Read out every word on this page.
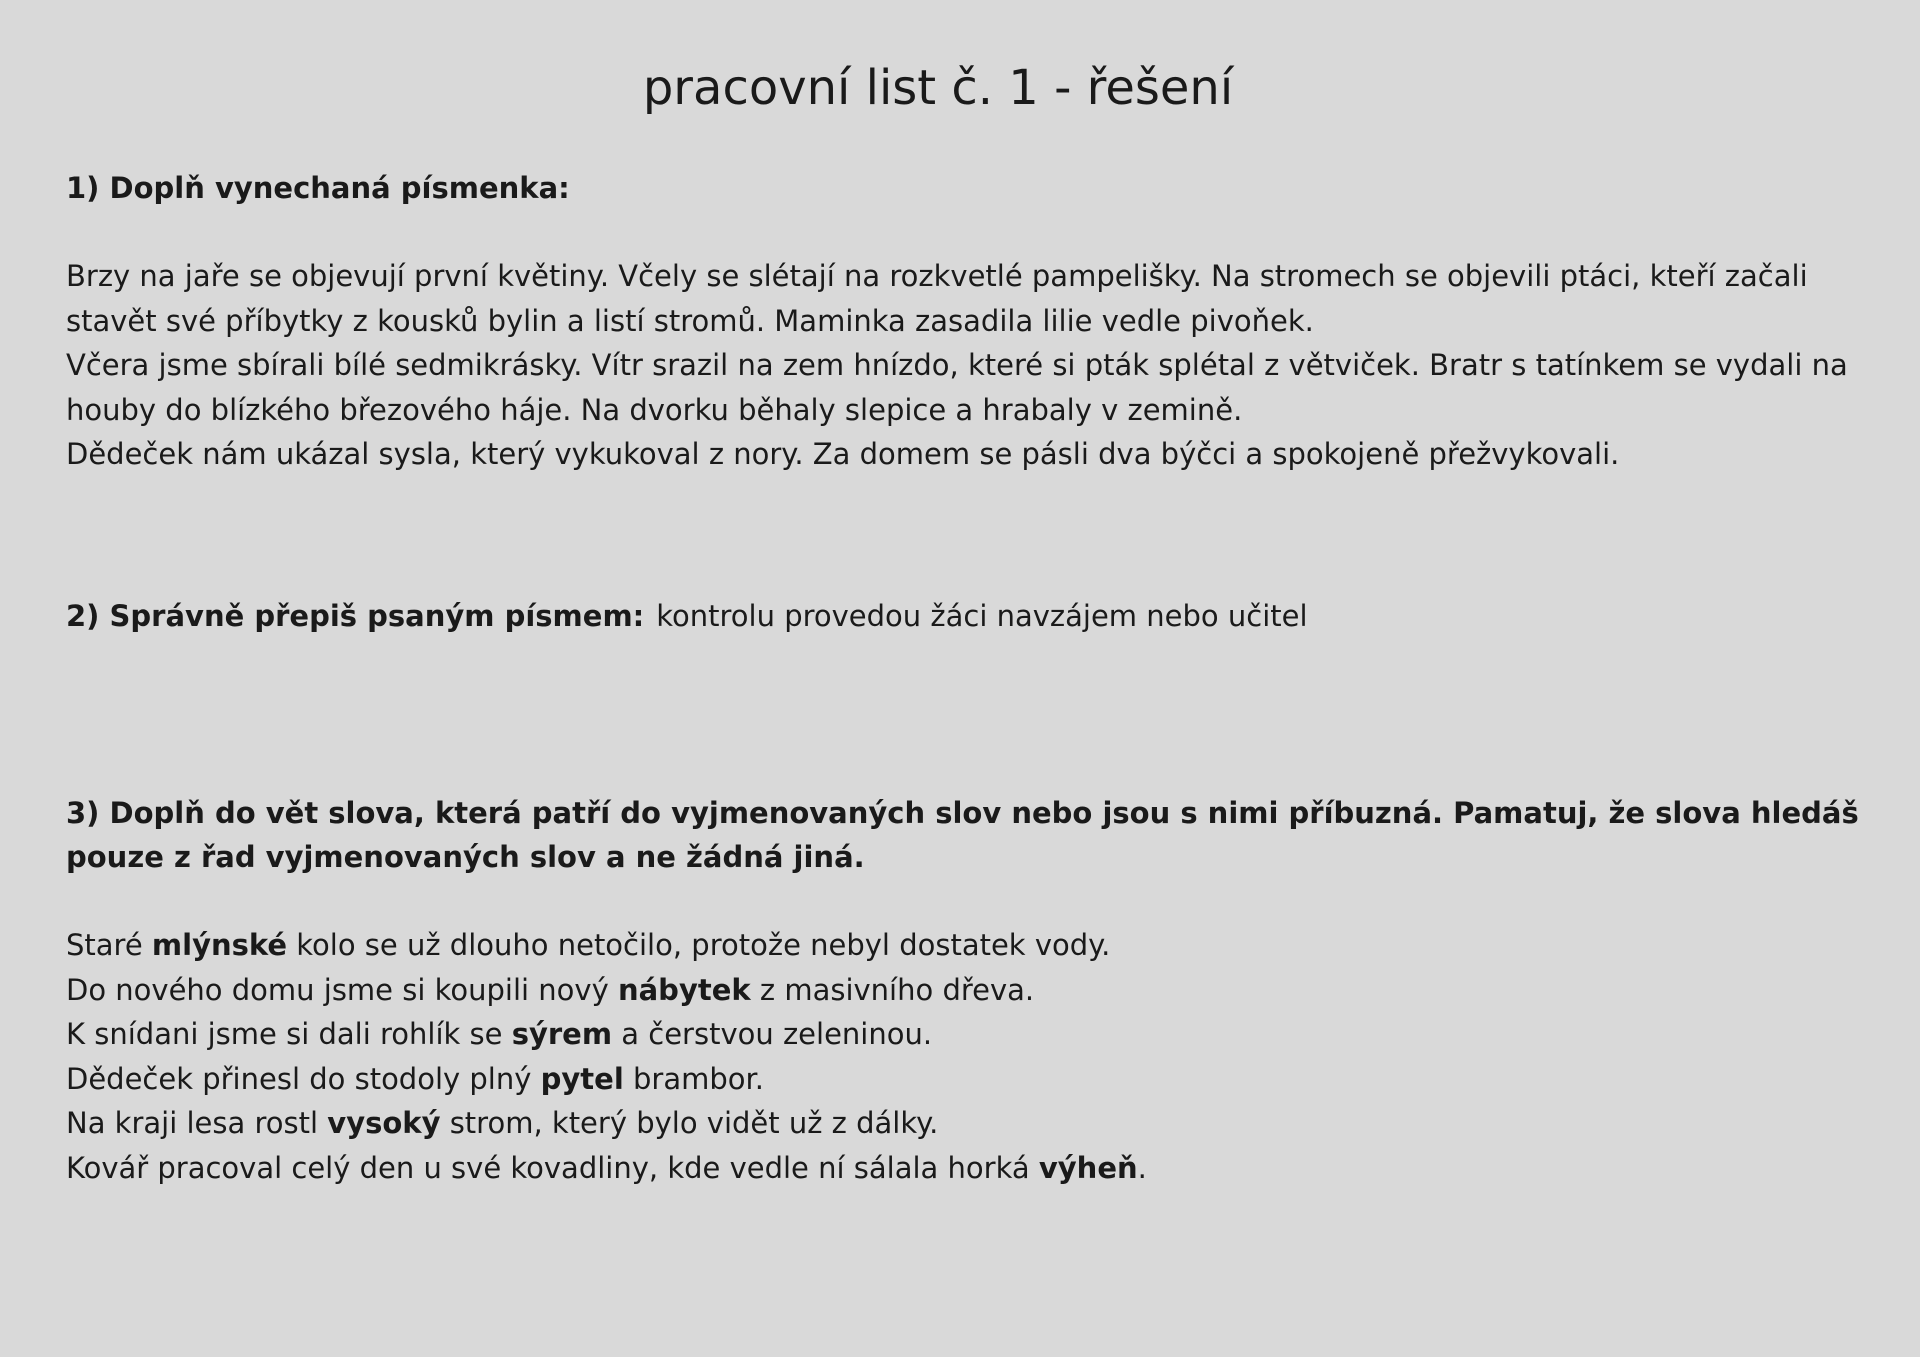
pracovní list č. 1 - řešení

1) Doplň vynechaná písmenka:

Brzy na jaře se objevují první květiny. Včely se slétají na rozkvetlé pampelišky. Na stromech se objevili ptáci, kteří začali stavět své příbytky z kousků bylin a listí stromů. Maminka zasadila lilie vedle pivoňek.
Včera jsme sbírali bílé sedmikrásky. Vítr srazil na zem hnízdo, které si pták splétal z větviček. Bratr s tatínkem se vydali na houby do blízkého březového háje. Na dvorku běhaly slepice a hrabaly v zemině.
Dědeček nám ukázal sysla, který vykukoval z nory. Za domem se pásli dva býčci a spokojeně přežvykovali.

2) Správně přepiš psaným písmem: kontrolu provedou žáci navzájem nebo učitel

3) Doplň do vět slova, která patří do vyjmenovaných slov nebo jsou s nimi příbuzná. Pamatuj, že slova hledáš pouze z řad vyjmenovaných slov a ne žádná jiná.

Staré mlýnské kolo se už dlouho netočilo, protože nebyl dostatek vody.

Do nového domu jsme si koupili nový nábytek z masivního dřeva.

K snídani jsme si dali rohlík se sýrem a čerstvou zeleninou.

Dědeček přinesl do stodoly plný pytel brambor.

Na kraji lesa rostl vysoký strom, který bylo vidět už z dálky.

Kovář pracoval celý den u své kovadliny, kde vedle ní sálala horká výheň.
